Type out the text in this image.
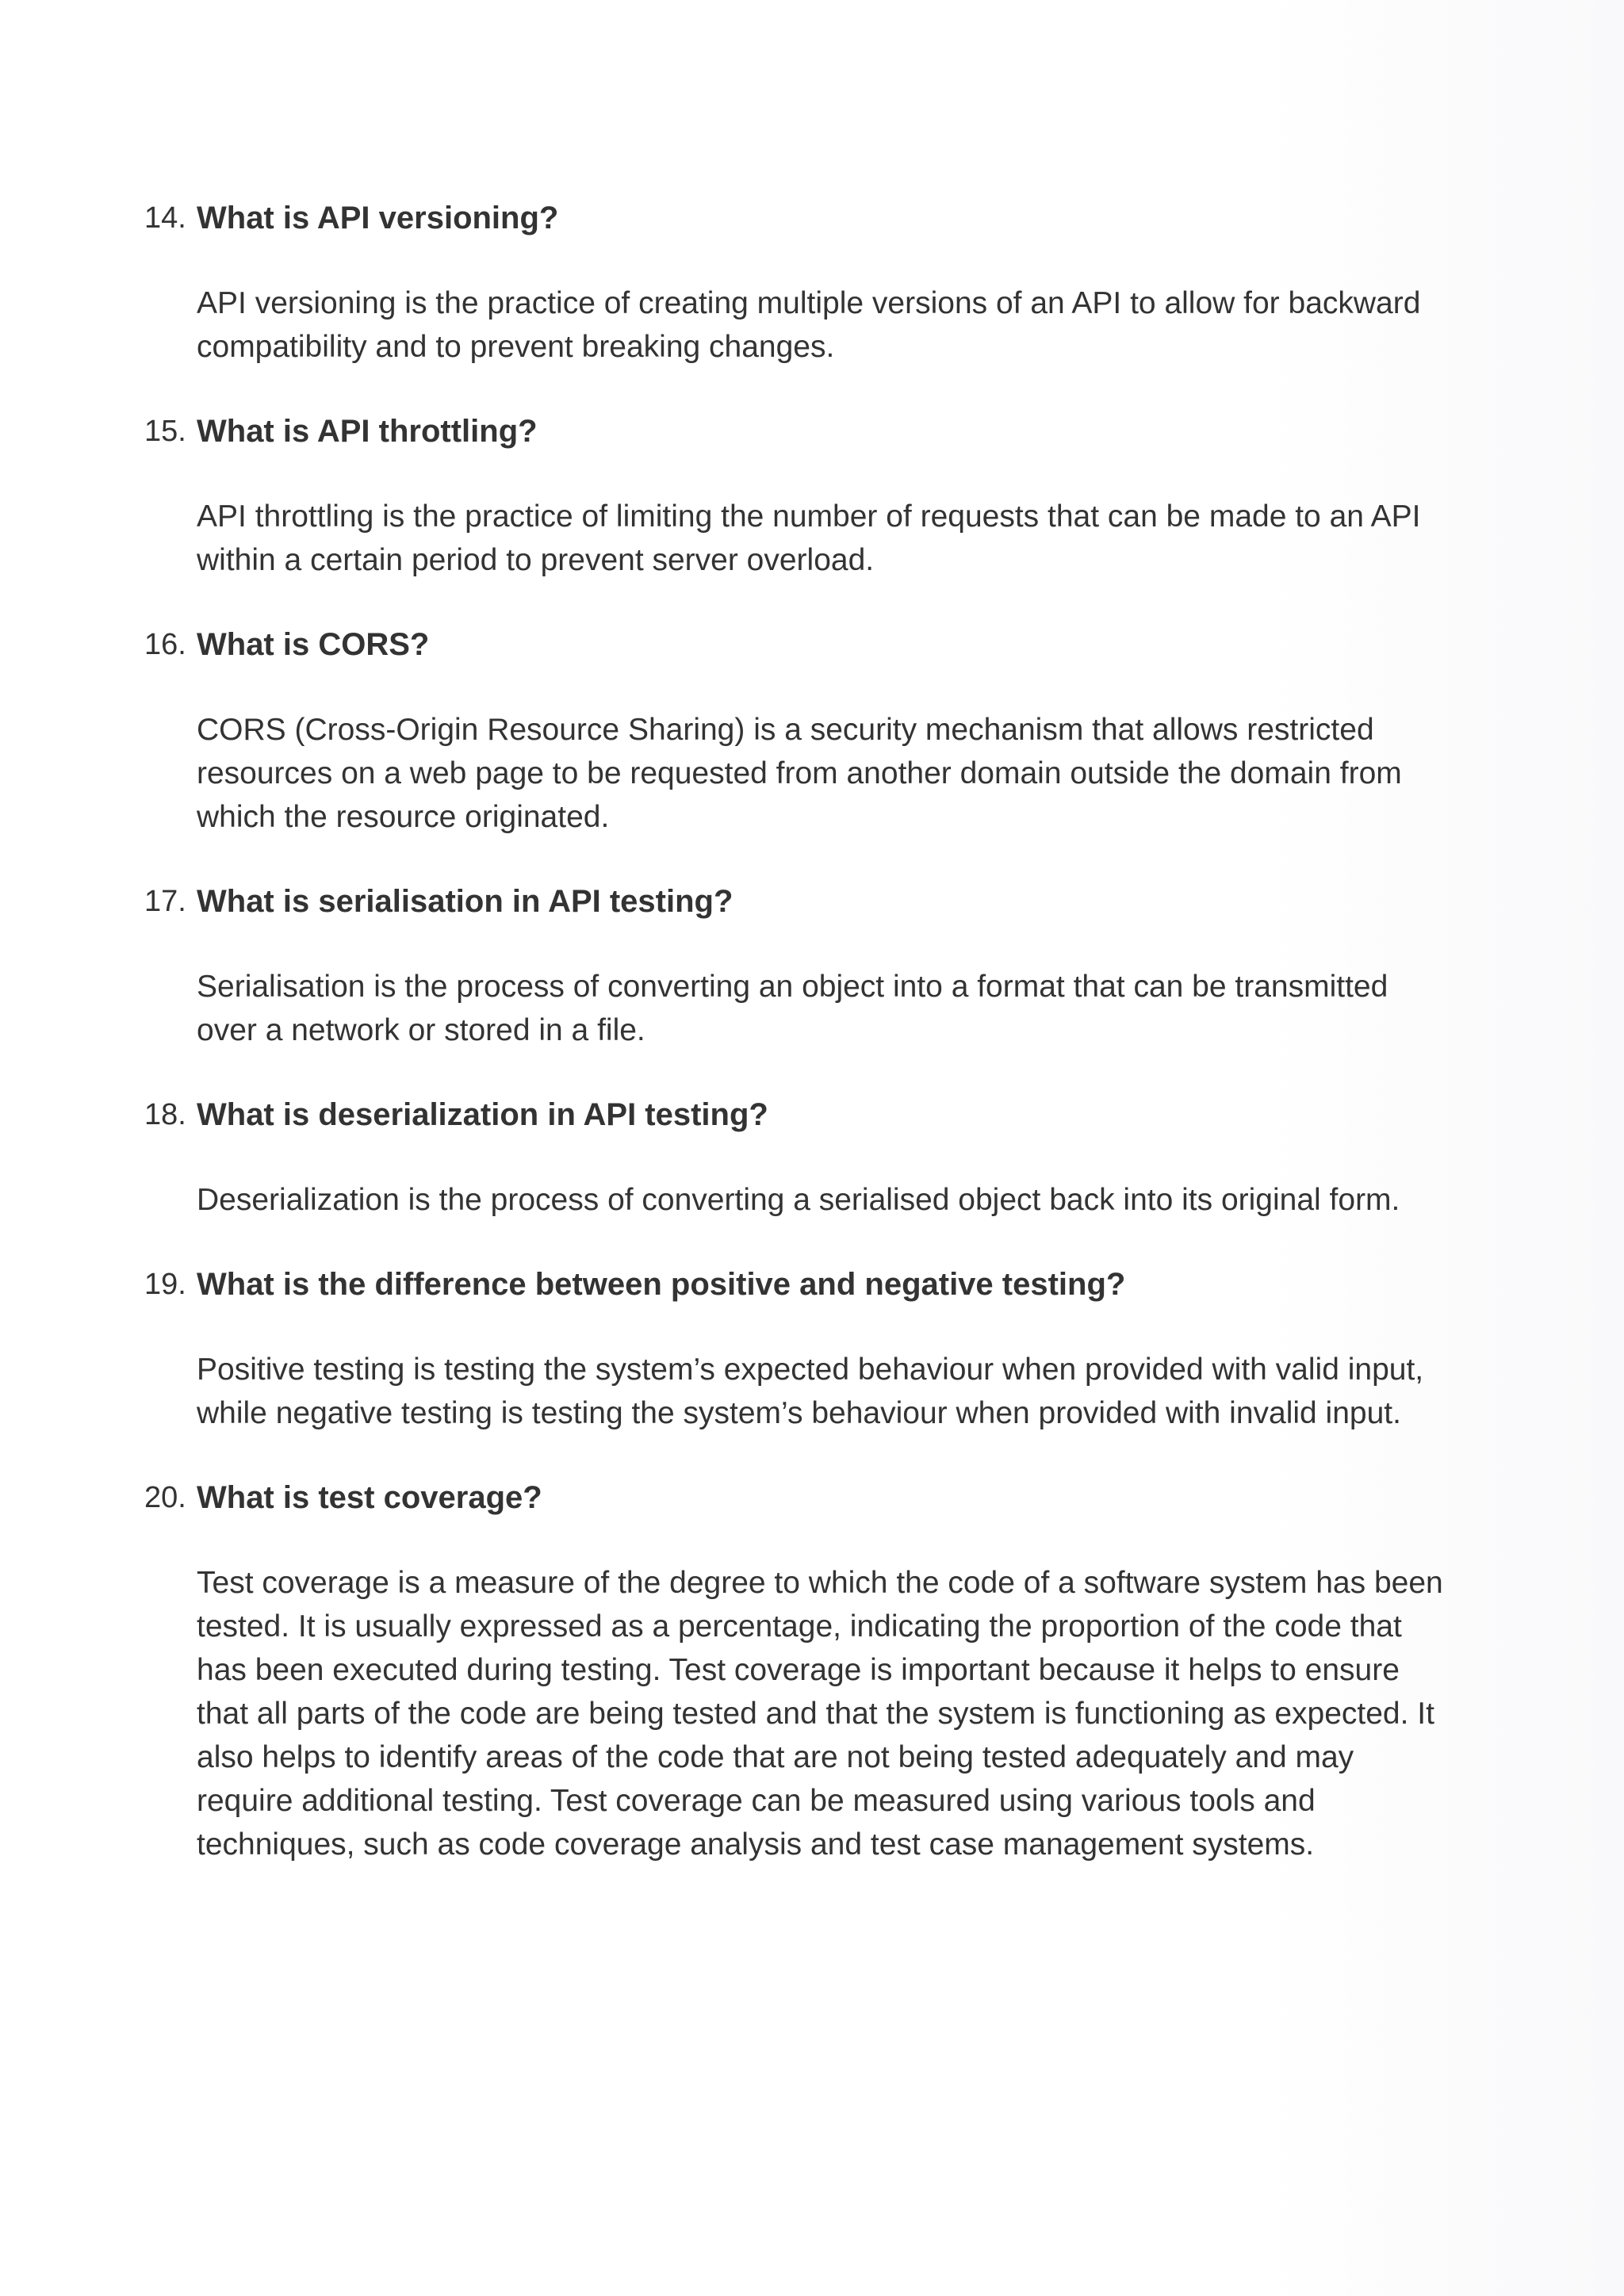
14. What is API versioning?

API versioning is the practice of creating multiple versions of an API to allow for backward compatibility and to prevent breaking changes.

15. What is API throttling?

API throttling is the practice of limiting the number of requests that can be made to an API within a certain period to prevent server overload.

16. What is CORS?

CORS (Cross-Origin Resource Sharing) is a security mechanism that allows restricted resources on a web page to be requested from another domain outside the domain from which the resource originated.

17. What is serialisation in API testing?

Serialisation is the process of converting an object into a format that can be transmitted over a network or stored in a file.

18. What is deserialization in API testing?

Deserialization is the process of converting a serialised object back into its original form.

19. What is the difference between positive and negative testing?

Positive testing is testing the system’s expected behaviour when provided with valid input, while negative testing is testing the system’s behaviour when provided with invalid input.

20. What is test coverage?

Test coverage is a measure of the degree to which the code of a software system has been tested. It is usually expressed as a percentage, indicating the proportion of the code that has been executed during testing. Test coverage is important because it helps to ensure that all parts of the code are being tested and that the system is functioning as expected. It also helps to identify areas of the code that are not being tested adequately and may require additional testing. Test coverage can be measured using various tools and techniques, such as code coverage analysis and test case management systems.
